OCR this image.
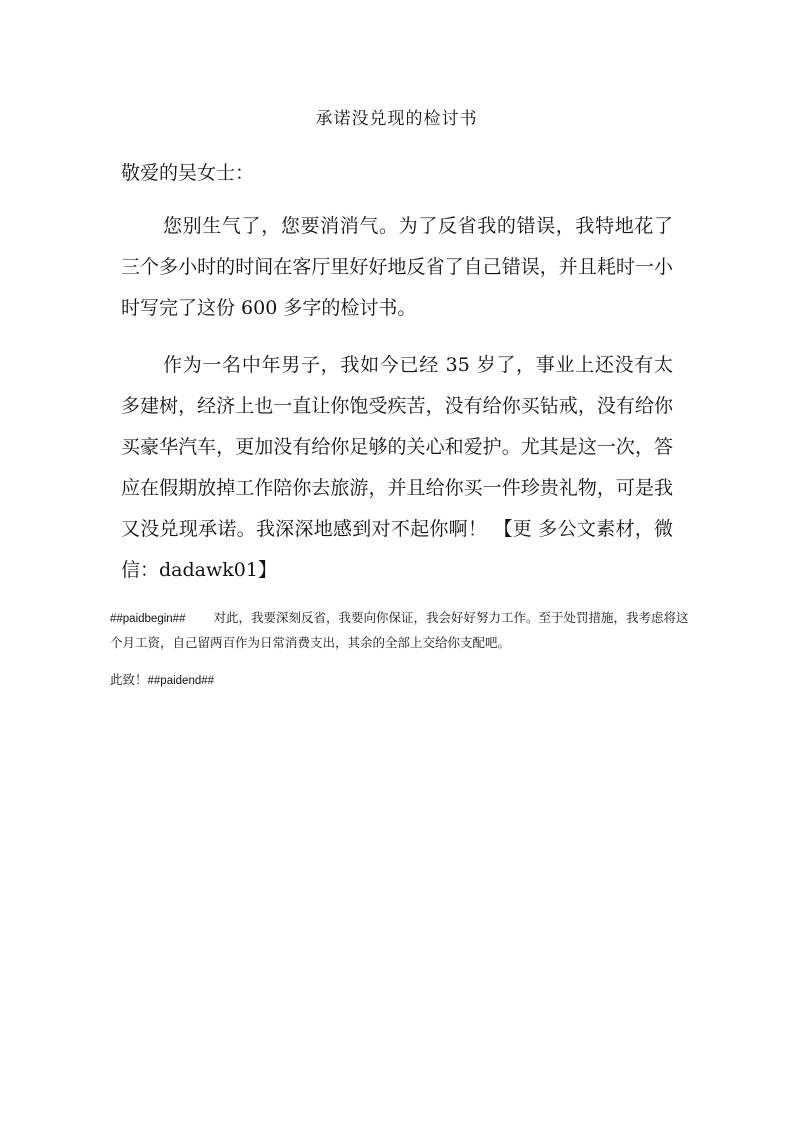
承诺没兑现的检讨书
敬爱的吴女士：

您别生气了，您要消消气。为了反省我的错误，我特地花了三个多小时的时间在客厅里好好地反省了自己错误，并且耗时一小时写完了这份 600 多字的检讨书。

作为一名中年男子，我如今已经 35 岁了，事业上还没有太多建树，经济上也一直让你饱受疾苦，没有给你买钻戒，没有给你买豪华汽车，更加没有给你足够的关心和爱护。尤其是这一次，答应在假期放掉工作陪你去旅游，并且给你买一件珍贵礼物，可是我又没兑现承诺。我深深地感到对不起你啊！ 【更 多公文素材，微信：dadawk01】

##paidbegin## 对此，我要深刻反省，我要向你保证，我会好好努力工作。至于处罚措施，我考虑将这个月工资，自己留两百作为日常消费支出，其余的全部上交给你支配吧。

此致！##paidend##
